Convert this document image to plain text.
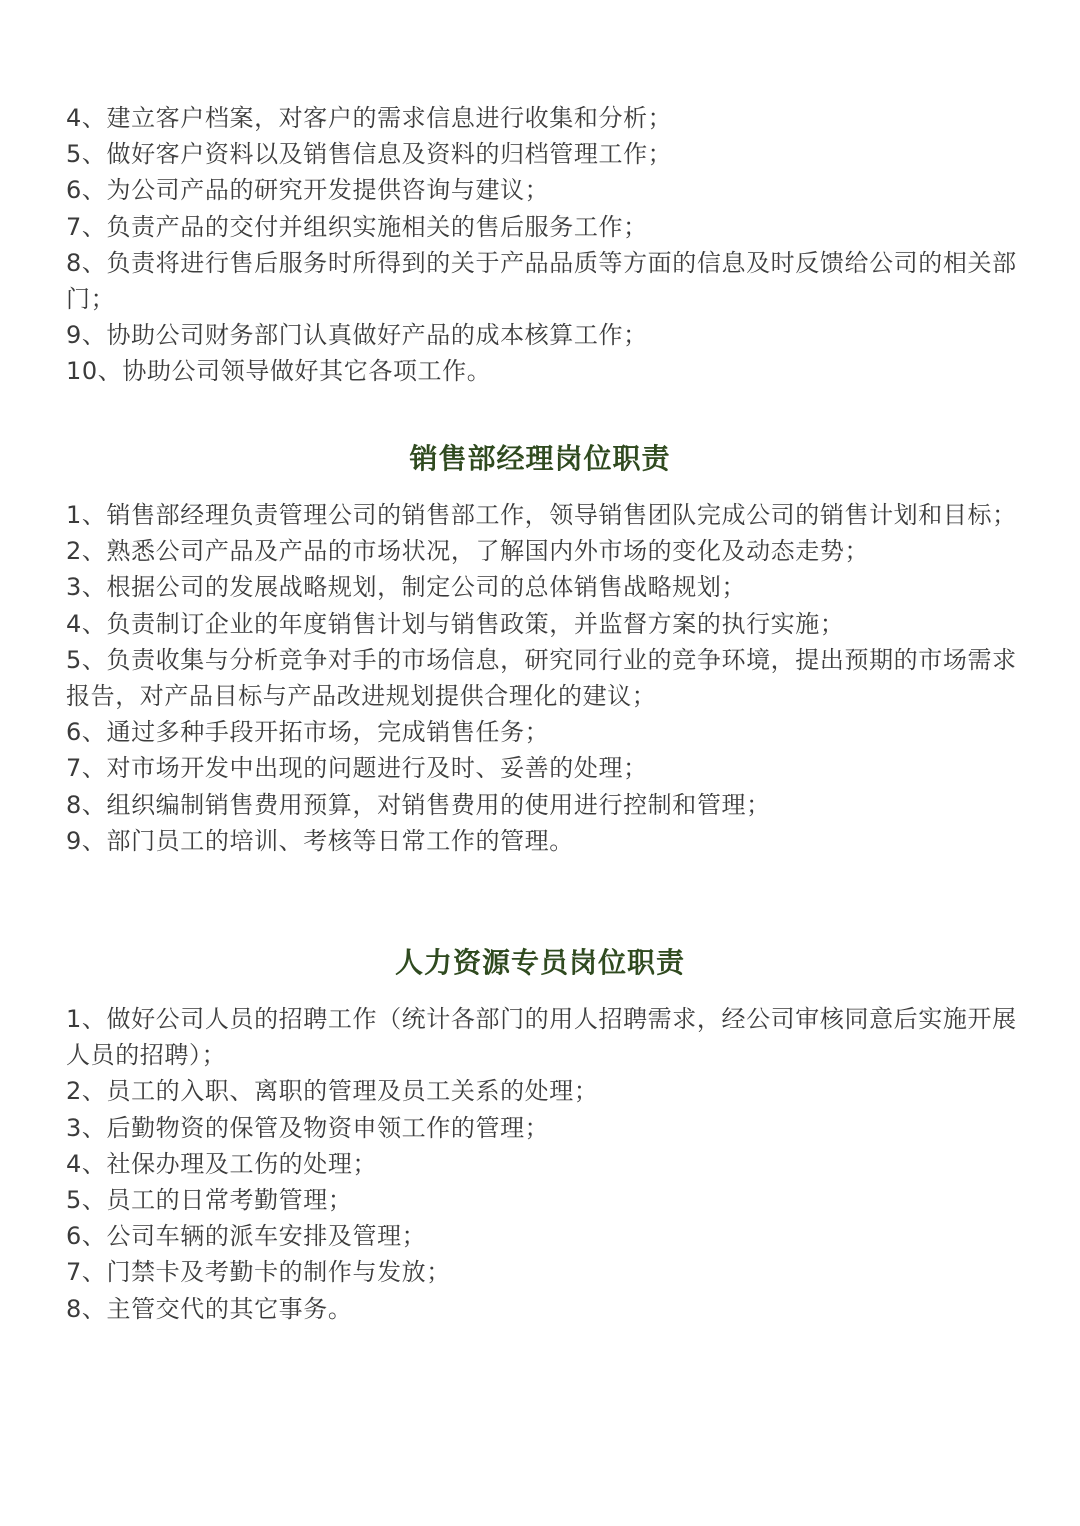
4、建立客户档案，对客户的需求信息进行收集和分析；
5、做好客户资料以及销售信息及资料的归档管理工作；
6、为公司产品的研究开发提供咨询与建议；
7、负责产品的交付并组织实施相关的售后服务工作；
8、负责将进行售后服务时所得到的关于产品品质等方面的信息及时反馈给公司的相关部门；
9、协助公司财务部门认真做好产品的成本核算工作；
10、协助公司领导做好其它各项工作。
销售部经理岗位职责
1、销售部经理负责管理公司的销售部工作，领导销售团队完成公司的销售计划和目标；
2、熟悉公司产品及产品的市场状况，了解国内外市场的变化及动态走势；
3、根据公司的发展战略规划，制定公司的总体销售战略规划；
4、负责制订企业的年度销售计划与销售政策，并监督方案的执行实施；
5、负责收集与分析竞争对手的市场信息，研究同行业的竞争环境，提出预期的市场需求报告，对产品目标与产品改进规划提供合理化的建议；
6、通过多种手段开拓市场，完成销售任务；
7、对市场开发中出现的问题进行及时、妥善的处理；
8、组织编制销售费用预算，对销售费用的使用进行控制和管理；
9、部门员工的培训、考核等日常工作的管理。
人力资源专员岗位职责
1、做好公司人员的招聘工作（统计各部门的用人招聘需求，经公司审核同意后实施开展人员的招聘）；
2、员工的入职、离职的管理及员工关系的处理；
3、后勤物资的保管及物资申领工作的管理；
4、社保办理及工伤的处理；
5、员工的日常考勤管理；
6、公司车辆的派车安排及管理；
7、门禁卡及考勤卡的制作与发放；
8、主管交代的其它事务。
